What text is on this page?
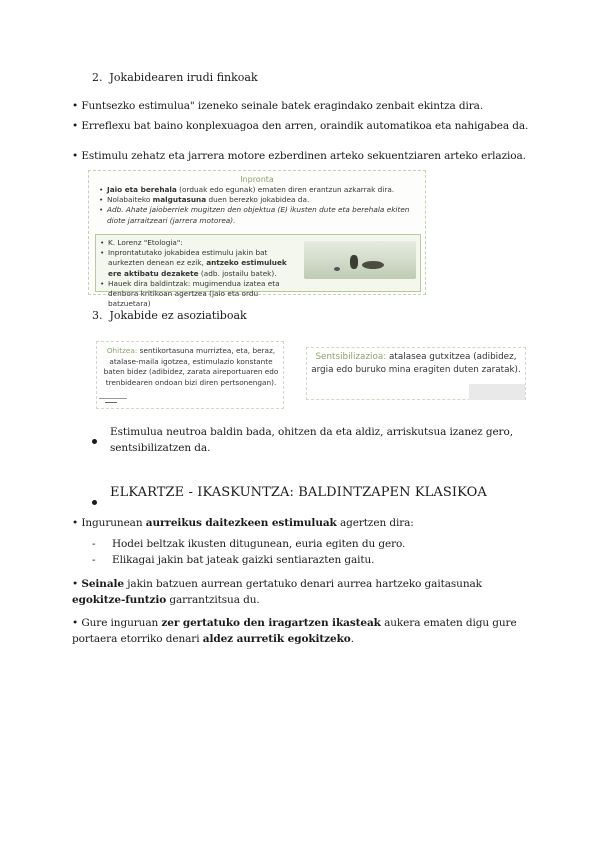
2. Jokabidearen irudi finkoak
• Funtsezko estimulua" izeneko seinale batek eragindako zenbait ekintza dira.
• Erreflexu bat baino konplexuagoa den arren, oraindik automatikoa eta nahigabea da.
• Estimulu zehatz eta jarrera motore ezberdinen arteko sekuentziaren arteko erlazioa.
Inpronta
• Jaio eta berehala (orduak edo egunak) ematen diren erantzun azkarrak dira.
• Nolabaiteko malgutasuna duen berezko jokabidea da.
• Adb. Ahate jaioberriek mugitzen den objektua (E) ikusten dute eta berehala ekiten diote jarraitzeari (jarrera motorea).
• K. Lorenz "Etologia":
• Inprontatutako jokabidea estimulu jakin bat aurkezten denean ez ezik, antzeko estimuluek ere aktibatu dezakete (adb. jostailu batek).
• Hauek dira baldintzak: mugimendua izatea eta denbora kritikoan agertzea (jaio eta ordu batzuetara)
3. Jokabide ez asoziatiboak
Ohitzea: sentikortasuna murriztea, eta, beraz, atalase-maila igotzea, estimulazio konstante baten bidez (adibidez, zarata aireportuaren edo trenbidearen ondoan bizi diren pertsonengan).
Sentsibilizazioa: atalasea gutxitzea (adibidez, argia edo buruko mina eragiten duten zaratak).
Estimulua neutroa baldin bada, ohitzen da eta aldiz, arriskutsua izanez gero,
sentsibilizatzen da.
ELKARTZE - IKASKUNTZA: BALDINTZAPEN KLASIKOA
• Ingurunean aurreikus daitezkeen estimuluak agertzen dira:
- Hodei beltzak ikusten ditugunean, euria egiten du gero.
- Elikagai jakin bat jateak gaizki sentiarazten gaitu.
• Seinale jakin batzuen aurrean gertatuko denari aurrea hartzeko gaitasunak
egokitze-funtzio garrantzitsua du.
• Gure inguruan zer gertatuko den iragartzen ikasteak aukera ematen digu gure
portaera etorriko denari aldez aurretik egokitzeko.
